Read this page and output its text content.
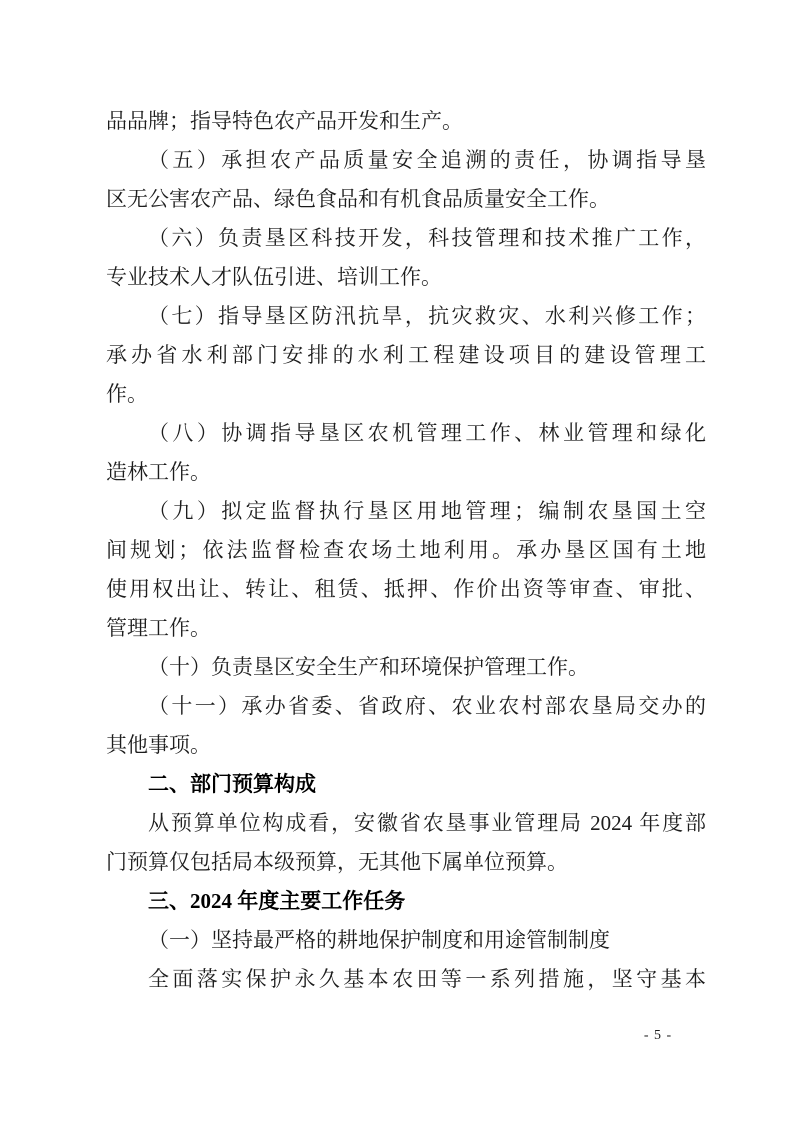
品品牌；指导特色农产品开发和生产。
（五）承担农产品质量安全追溯的责任，协调指导垦
区无公害农产品、绿色食品和有机食品质量安全工作。
（六）负责垦区科技开发，科技管理和技术推广工作，
专业技术人才队伍引进、培训工作。
（七）指导垦区防汛抗旱，抗灾救灾、水利兴修工作；
承办省水利部门安排的水利工程建设项目的建设管理工
作。
（八）协调指导垦区农机管理工作、林业管理和绿化
造林工作。
（九）拟定监督执行垦区用地管理；编制农垦国土空
间规划；依法监督检查农场土地利用。承办垦区国有土地
使用权出让、转让、租赁、抵押、作价出资等审查、审批、
管理工作。
（十）负责垦区安全生产和环境保护管理工作。
（十一）承办省委、省政府、农业农村部农垦局交办的
其他事项。
二、部门预算构成
从预算单位构成看，安徽省农垦事业管理局 2024 年度部
门预算仅包括局本级预算，无其他下属单位预算。
三、2024 年度主要工作任务
（一）坚持最严格的耕地保护制度和用途管制制度
全面落实保护永久基本农田等一系列措施，坚守基本
- 5 -
